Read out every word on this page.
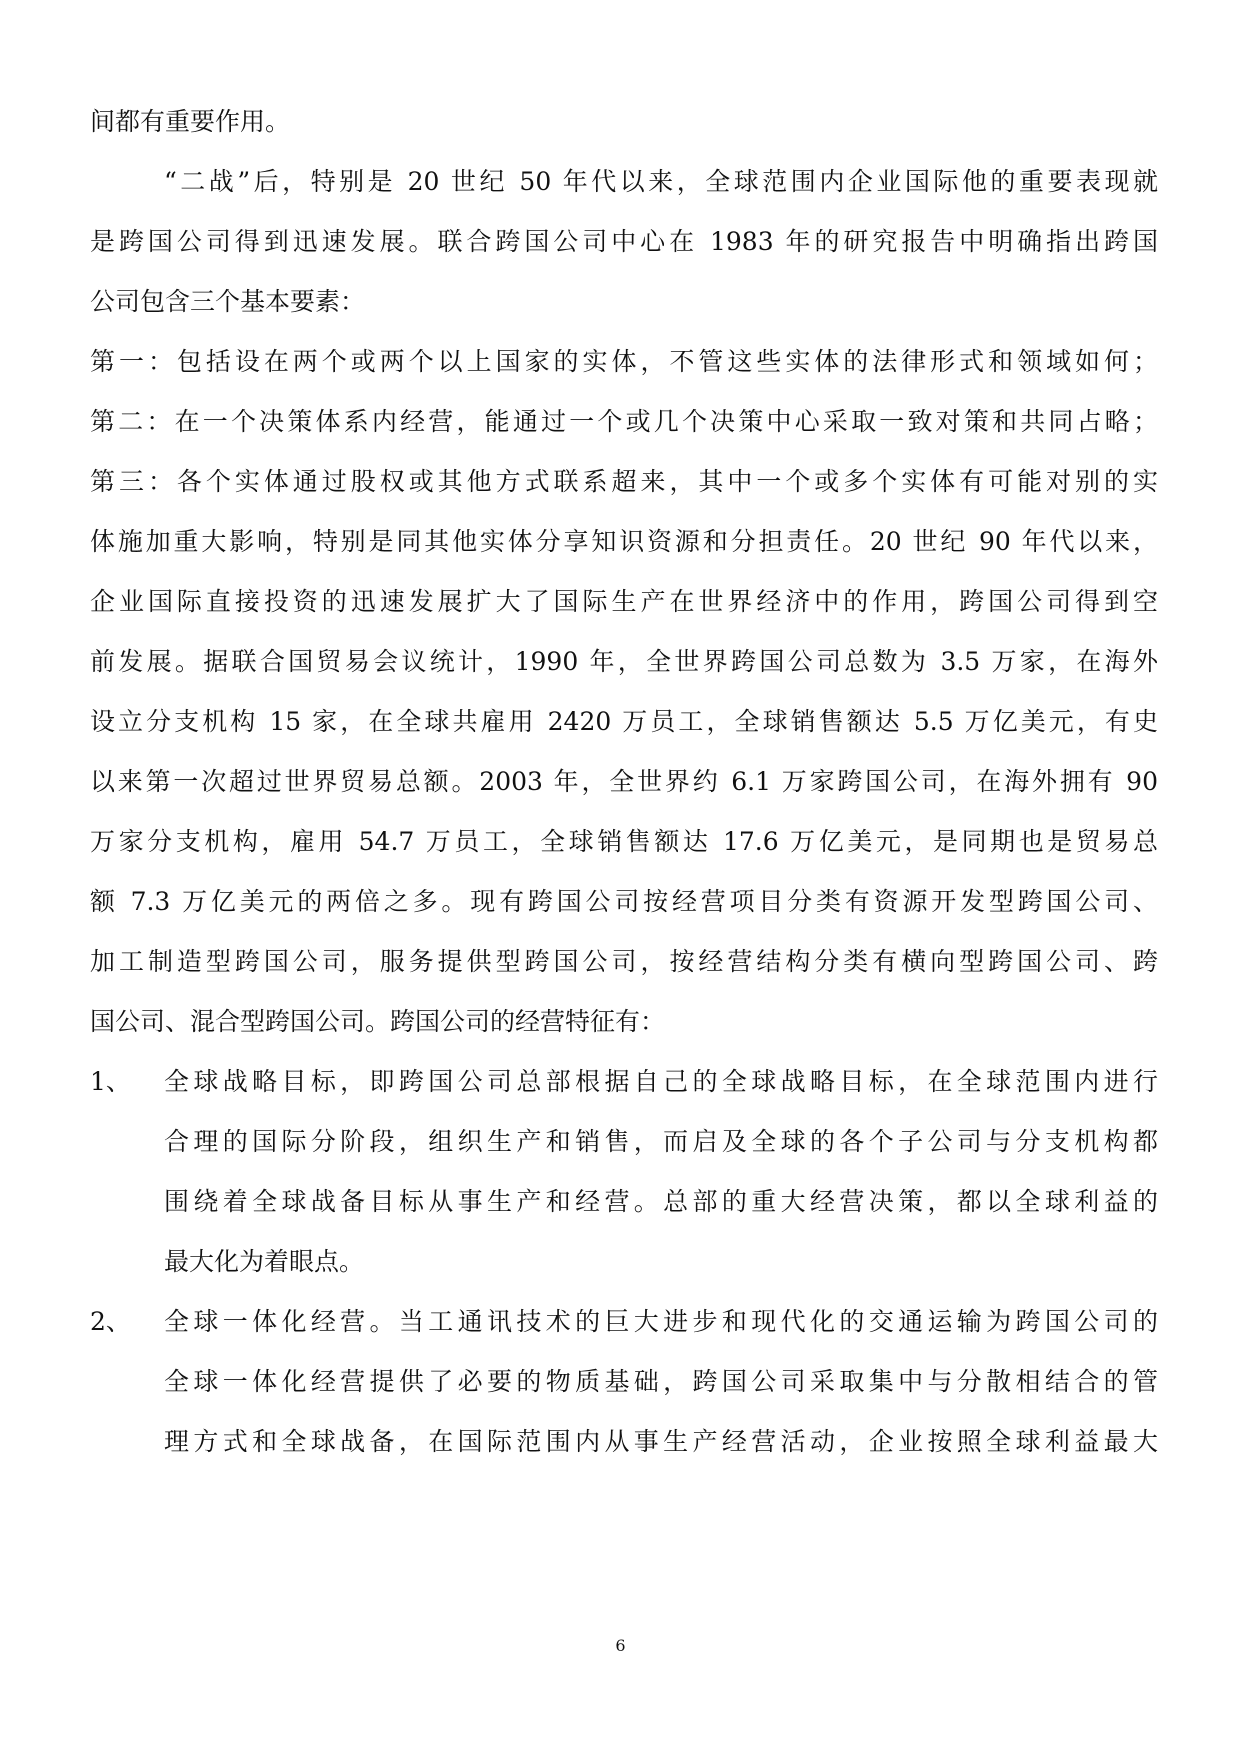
间都有重要作用。
“二战”后，特别是 20 世纪 50 年代以来，全球范围内企业国际他的重要表现就
是跨国公司得到迅速发展。联合跨国公司中心在 1983 年的研究报告中明确指出跨国
公司包含三个基本要素：
第一：包括设在两个或两个以上国家的实体，不管这些实体的法律形式和领域如何；
第二：在一个决策体系内经营，能通过一个或几个决策中心采取一致对策和共同占略；
第三：各个实体通过股权或其他方式联系超来，其中一个或多个实体有可能对别的实
体施加重大影响，特别是同其他实体分享知识资源和分担责任。20 世纪 90 年代以来，
企业国际直接投资的迅速发展扩大了国际生产在世界经济中的作用，跨国公司得到空
前发展。据联合国贸易会议统计，1990 年，全世界跨国公司总数为 3.5 万家，在海外
设立分支机构 15 家，在全球共雇用 2420 万员工，全球销售额达 5.5 万亿美元，有史
以来第一次超过世界贸易总额。2003 年，全世界约 6.1 万家跨国公司，在海外拥有 90
万家分支机构，雇用 54.7 万员工，全球销售额达 17.6 万亿美元，是同期也是贸易总
额 7.3 万亿美元的两倍之多。现有跨国公司按经营项目分类有资源开发型跨国公司、
加工制造型跨国公司，服务提供型跨国公司，按经营结构分类有横向型跨国公司、跨
国公司、混合型跨国公司。跨国公司的经营特征有：
1、 全球战略目标，即跨国公司总部根据自己的全球战略目标，在全球范围内进行
合理的国际分阶段，组织生产和销售，而启及全球的各个子公司与分支机构都
围绕着全球战备目标从事生产和经营。总部的重大经营决策，都以全球利益的
最大化为着眼点。
2、 全球一体化经营。当工通讯技术的巨大进步和现代化的交通运输为跨国公司的
全球一体化经营提供了必要的物质基础，跨国公司采取集中与分散相结合的管
理方式和全球战备，在国际范围内从事生产经营活动，企业按照全球利益最大
6
